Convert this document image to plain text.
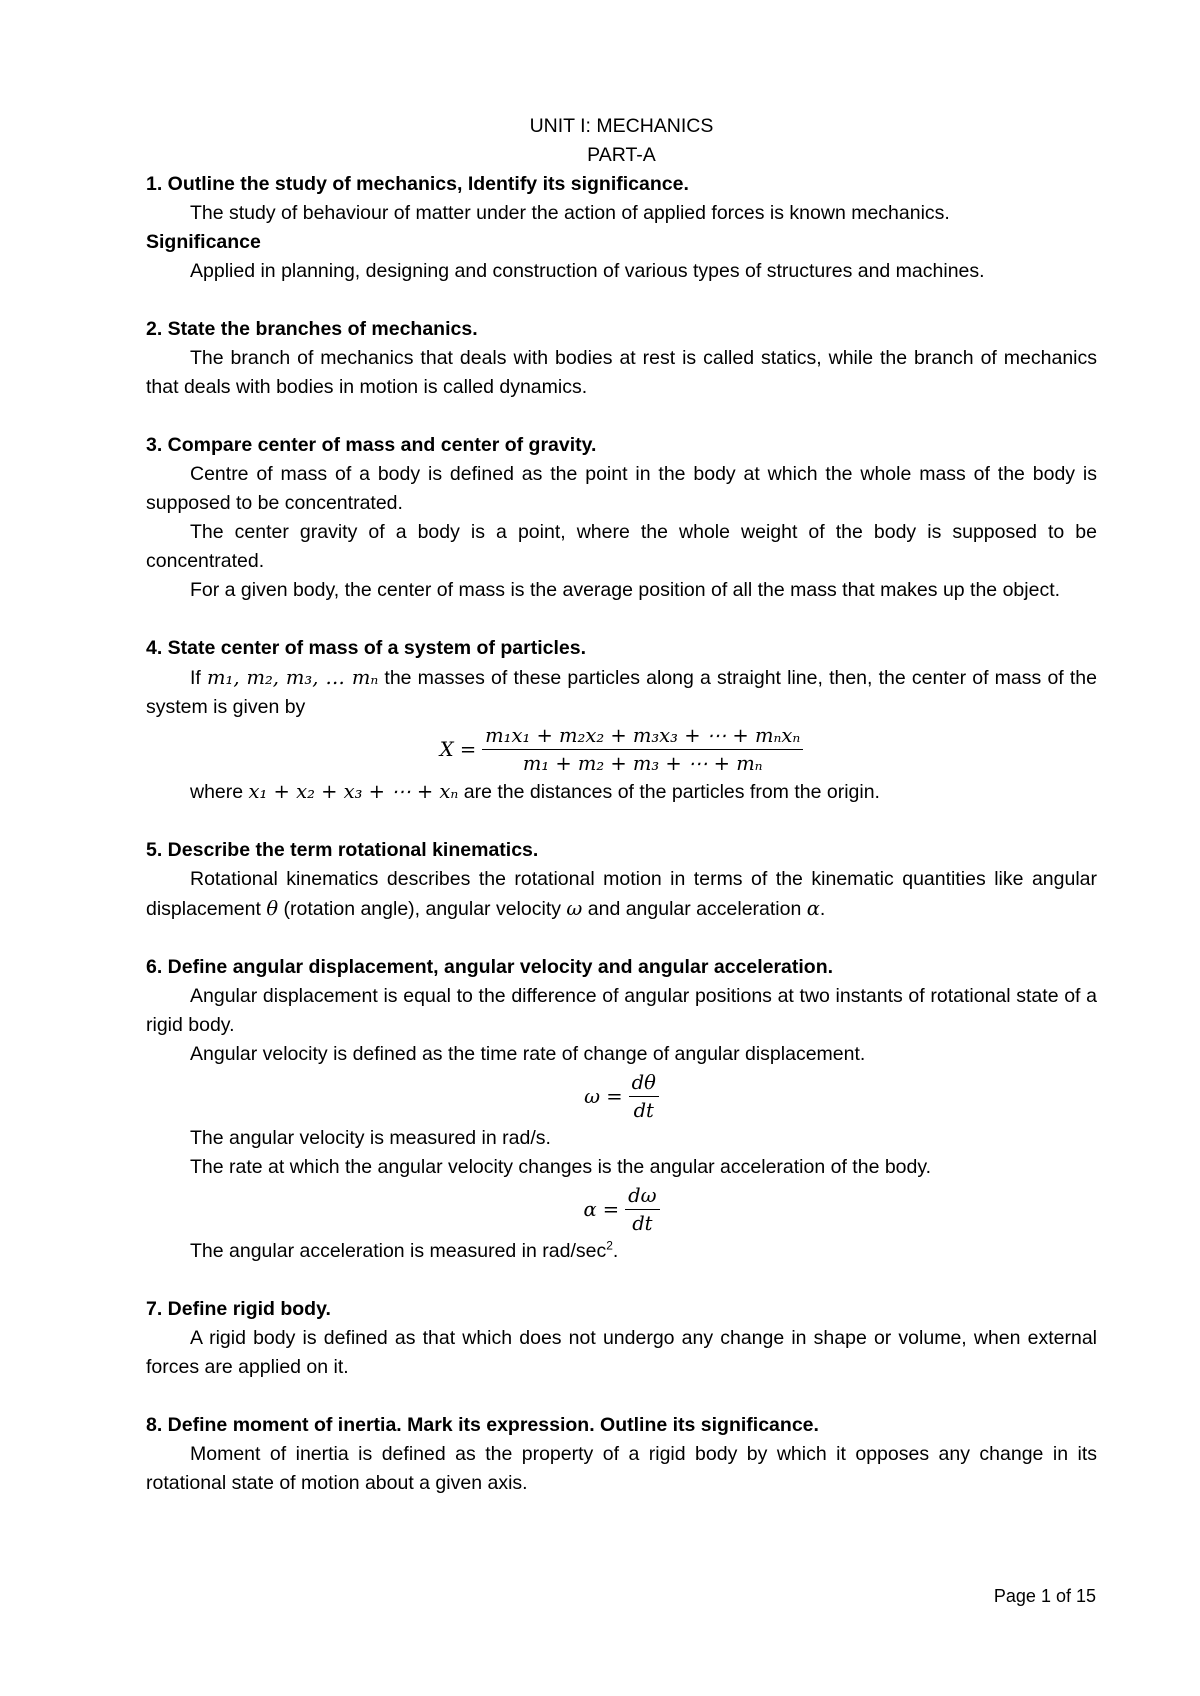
UNIT I: MECHANICS

PART-A

1. Outline the study of mechanics, Identify its significance.

The study of behaviour of matter under the action of applied forces is known mechanics.

Significance

Applied in planning, designing and construction of various types of structures and machines.

2. State the branches of mechanics.

The branch of mechanics that deals with bodies at rest is called statics, while the branch of mechanics that deals with bodies in motion is called dynamics.

3. Compare center of mass and center of gravity.

Centre of mass of a body is defined as the point in the body at which the whole mass of the body is supposed to be concentrated.

The center gravity of a body is a point, where the whole weight of the body is supposed to be concentrated.

For a given body, the center of mass is the average position of all the mass that makes up the object.

4. State center of mass of a system of particles.

If m₁, m₂, m₃, … mₙ the masses of these particles along a straight line, then, the center of mass of the system is given by

$X = \frac{\text{m₁x₁ + m₂x₂ + m₃x₃ + ⋯ + mₙxₙ}}{\text{m₁ + m₂ + m₃ + ⋯ + mₙ}}$

where x₁ + x₂ + x₃ + ⋯ + xₙ are the distances of the particles from the origin.

5. Describe the term rotational kinematics.

Rotational kinematics describes the rotational motion in terms of the kinematic quantities like angular displacement θ (rotation angle), angular velocity ω and angular acceleration α.

6. Define angular displacement, angular velocity and angular acceleration.

Angular displacement is equal to the difference of angular positions at two instants of rotational state of a rigid body.

Angular velocity is defined as the time rate of change of angular displacement.

$\omega = \frac{d\theta}{dt}$

The angular velocity is measured in rad/s.

The rate at which the angular velocity changes is the angular acceleration of the body.

$\alpha = \frac{d\omega}{dt}$

The angular acceleration is measured in rad/$\sec^2$.

7. Define rigid body.

A rigid body is defined as that which does not undergo any change in shape or volume, when external forces are applied on it.

8. Define moment of inertia. Mark its expression. Outline its significance.

Moment of inertia is defined as the property of a rigid body by which it opposes any change in its rotational state of motion about a given axis.

Page 1 of 15
